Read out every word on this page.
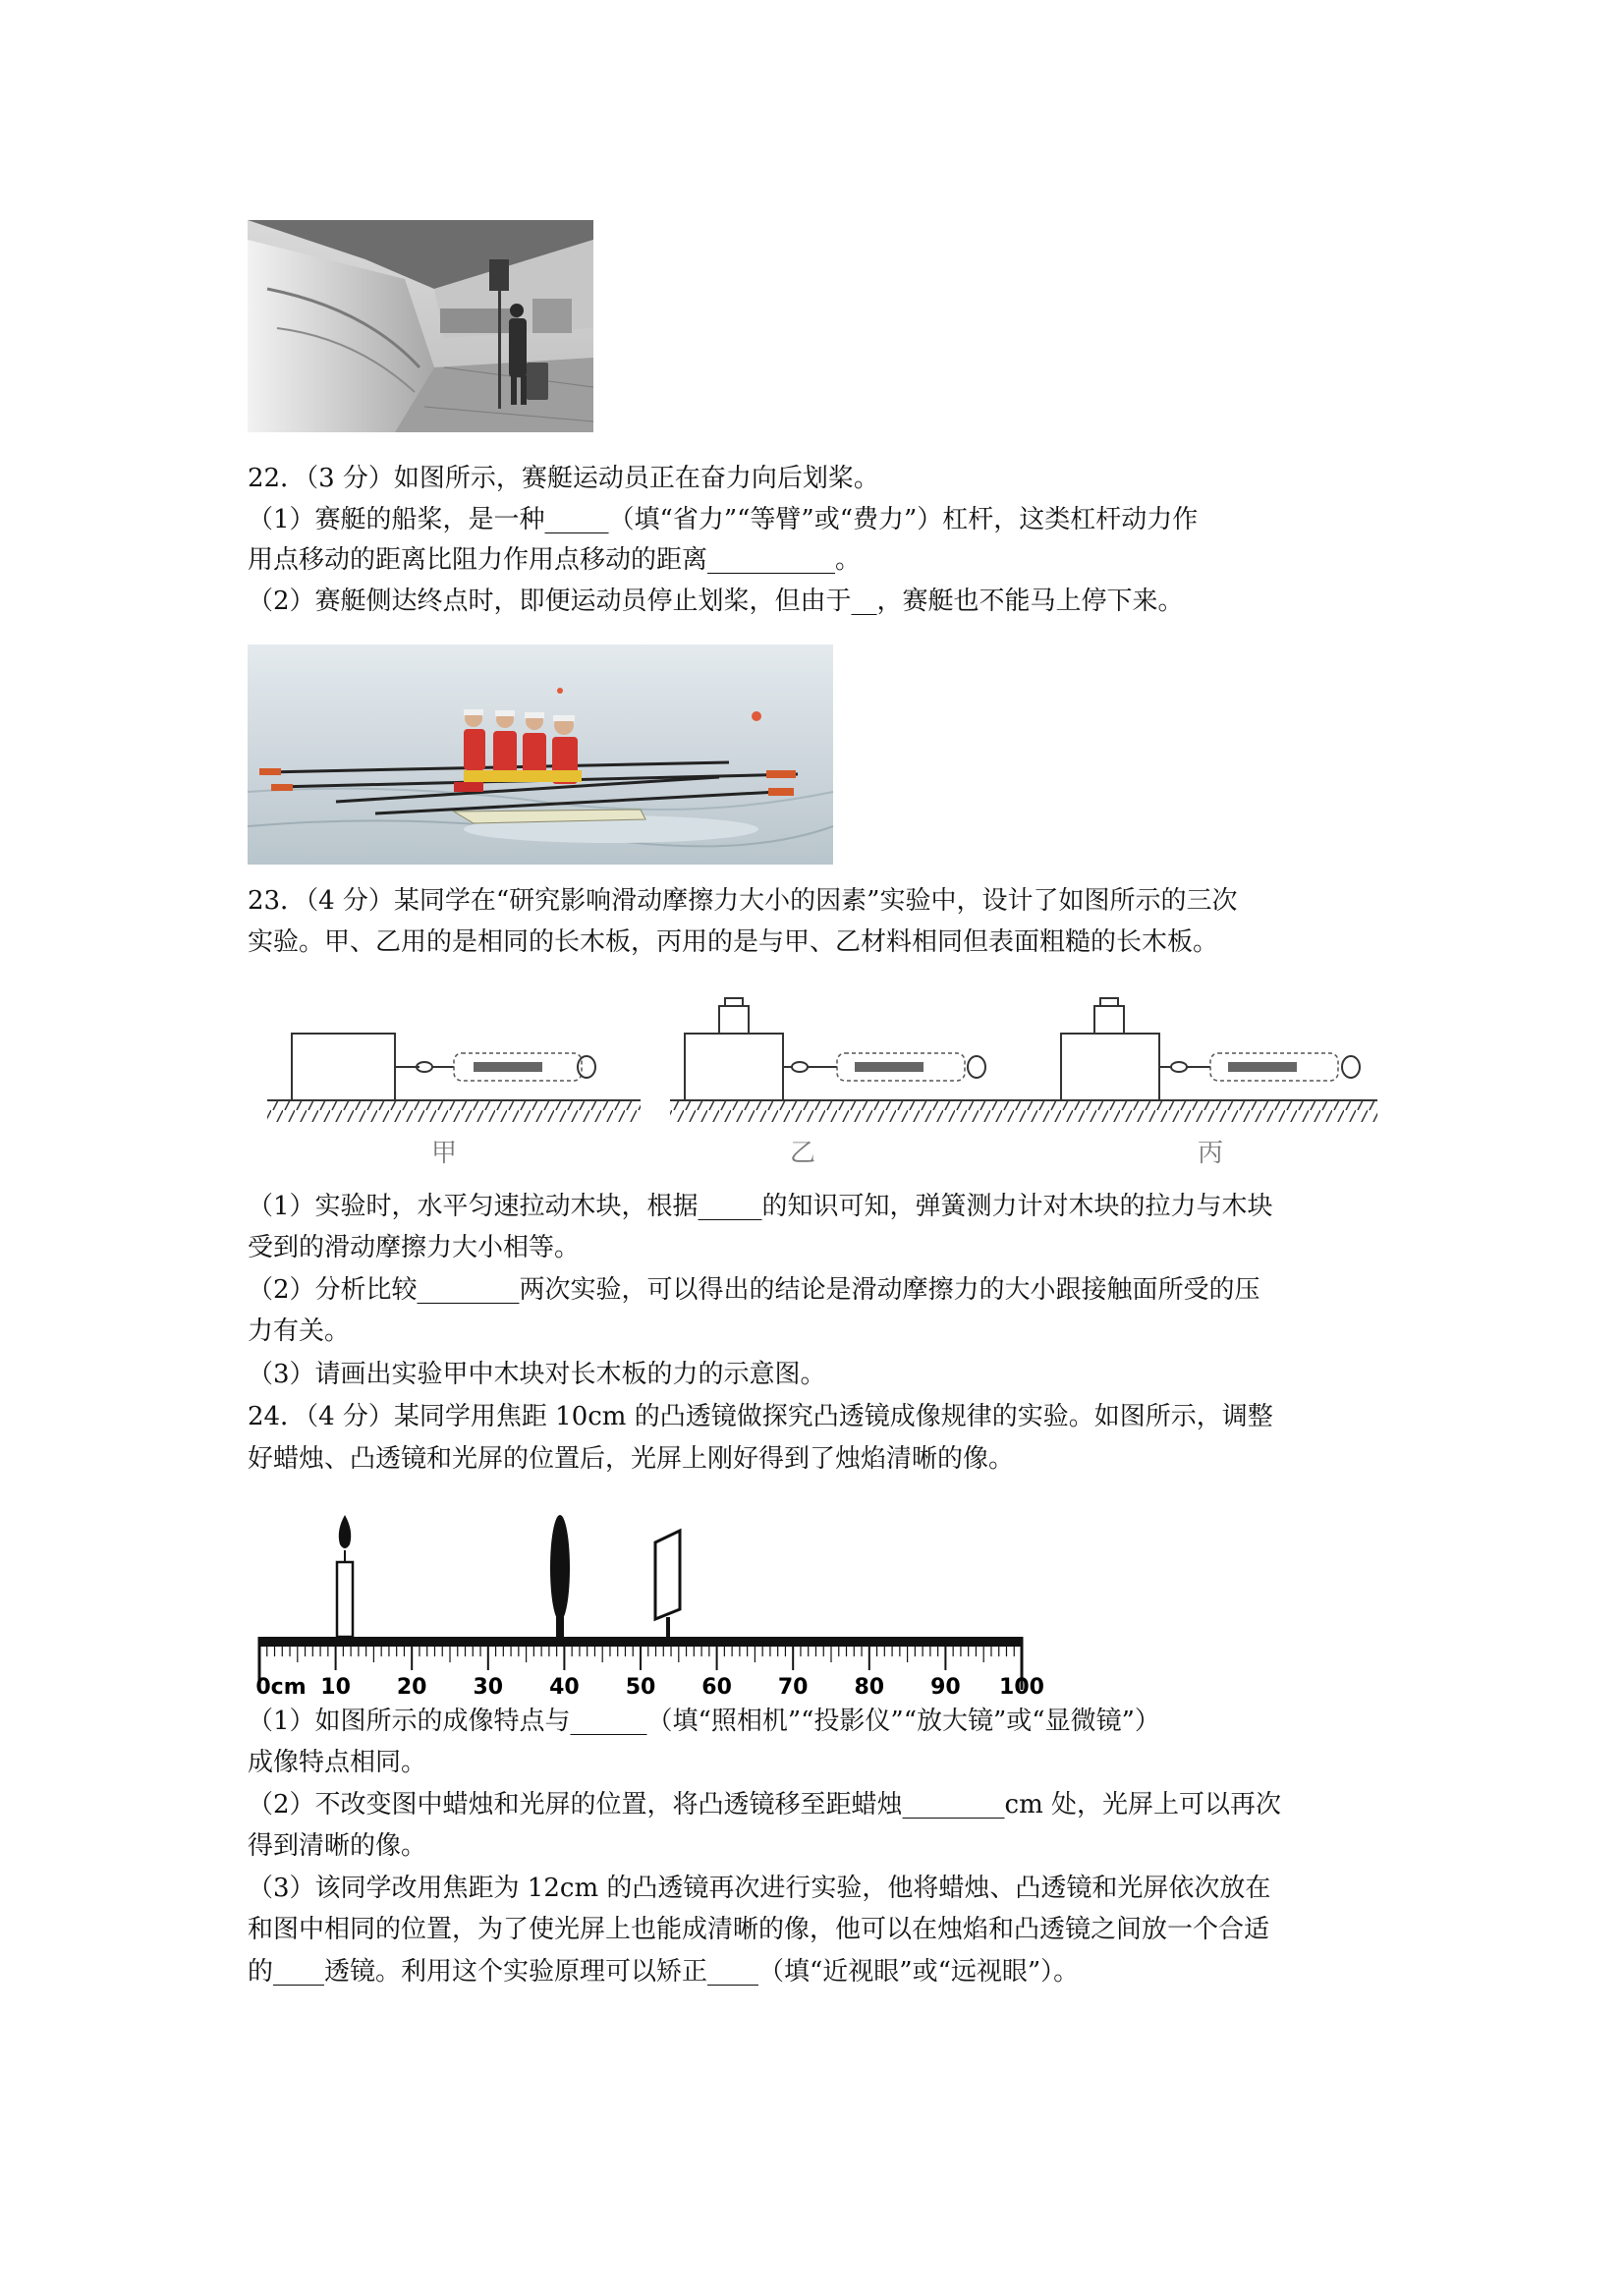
22．（3 分）如图所示，赛艇运动员正在奋力向后划桨。
（1）赛艇的船桨，是一种_____（填“省力”“等臂”或“费力”）杠杆，这类杠杆动力作
用点移动的距离比阻力作用点移动的距离__________。
（2）赛艇侧达终点时，即便运动员停止划桨，但由于__，赛艇也不能马上停下来。
23．（4 分）某同学在“研究影响滑动摩擦力大小的因素”实验中，设计了如图所示的三次
实验。甲、乙用的是相同的长木板，丙用的是与甲、乙材料相同但表面粗糙的长木板。
甲	乙	丙
（1）实验时，水平匀速拉动木块，根据_____的知识可知，弹簧测力计对木块的拉力与木块
受到的滑动摩擦力大小相等。
（2）分析比较________两次实验，可以得出的结论是滑动摩擦力的大小跟接触面所受的压
力有关。
（3）请画出实验甲中木块对长木板的力的示意图。
24．（4 分）某同学用焦距 10cm 的凸透镜做探究凸透镜成像规律的实验。如图所示，调整
好蜡烛、凸透镜和光屏的位置后，光屏上刚好得到了烛焰清晰的像。
0cm 10 20 30 40 50 60 70 80 90 100
（1）如图所示的成像特点与______（填“照相机”“投影仪”“放大镜”或“显微镜”）
成像特点相同。
（2）不改变图中蜡烛和光屏的位置，将凸透镜移至距蜡烛________cm 处，光屏上可以再次
得到清晰的像。
（3）该同学改用焦距为 12cm 的凸透镜再次进行实验，他将蜡烛、凸透镜和光屏依次放在
和图中相同的位置，为了使光屏上也能成清晰的像，他可以在烛焰和凸透镜之间放一个合适
的____透镜。利用这个实验原理可以矫正____（填“近视眼”或“远视眼”）。
